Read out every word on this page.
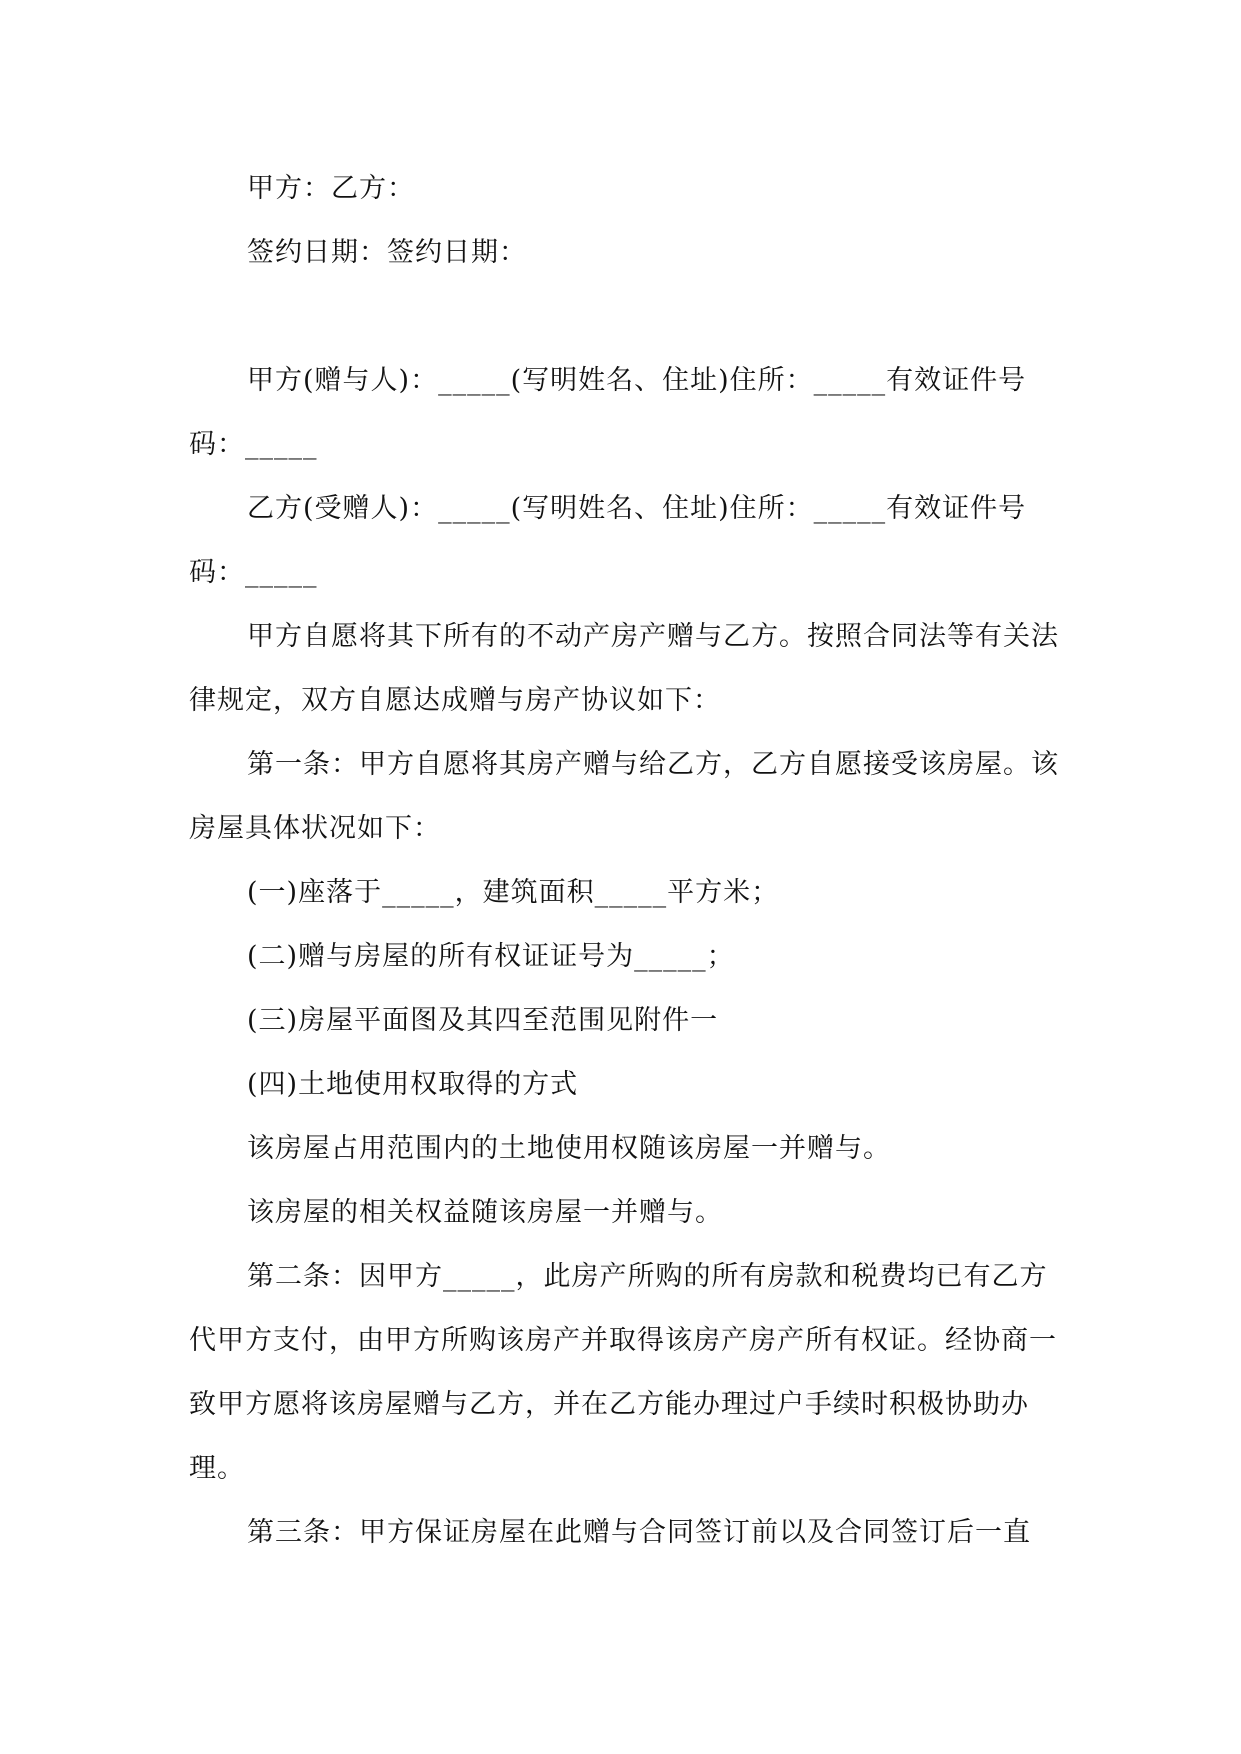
甲方：乙方：

签约日期：签约日期：

甲方(赠与人)：_____(写明姓名、住址)住所：_____有效证件号码：_____

乙方(受赠人)：_____(写明姓名、住址)住所：_____有效证件号码：_____

甲方自愿将其下所有的不动产房产赠与乙方。按照合同法等有关法律规定，双方自愿达成赠与房产协议如下：

第一条：甲方自愿将其房产赠与给乙方，乙方自愿接受该房屋。该房屋具体状况如下：

(一)座落于_____，建筑面积_____平方米；

(二)赠与房屋的所有权证证号为_____；

(三)房屋平面图及其四至范围见附件一

(四)土地使用权取得的方式

该房屋占用范围内的土地使用权随该房屋一并赠与。

该房屋的相关权益随该房屋一并赠与。

第二条：因甲方_____，此房产所购的所有房款和税费均已有乙方代甲方支付，由甲方所购该房产并取得该房产房产所有权证。经协商一致甲方愿将该房屋赠与乙方，并在乙方能办理过户手续时积极协助办理。

第三条：甲方保证房屋在此赠与合同签订前以及合同签订后一直
